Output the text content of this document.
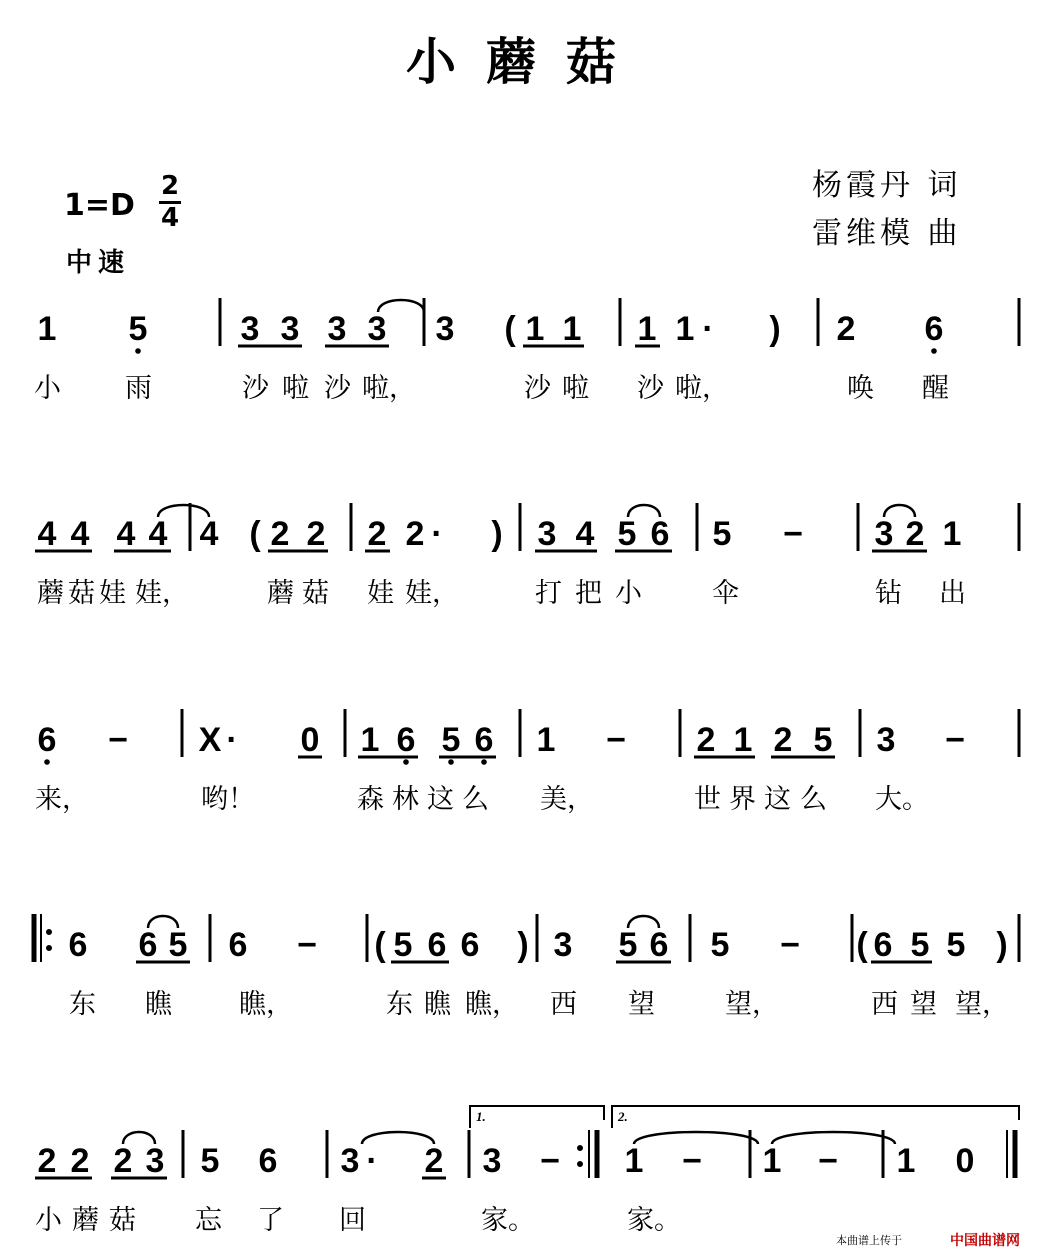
小蘑菇
杨霞丹 词
雷维模 曲
1=D
2
4
中速
1 5	3 3 3 3 3 ( 1 1 1 1 · ) 2 6
小 雨	沙 啦 沙 啦，	沙 啦 沙 啦，	唤 醒
4 4 4 4 4 ( 2 2 2 2 · ) 3 4 5 6 5 − 3 2 1
蘑 菇 娃 娃，	蘑 菇 娃 娃，	打 把 小	伞	钻 出
6 − X · 0 1 6 5 6 1 − 2 1 2 5 3 −
来，	哟！	森 林 这 么 美，	世 界 这 么 大。
6 6 5 6 − ( 5 6 6 ) 3 5 6 5 − ( 6 5 5 )
东 瞧 瞧，	东 瞧 瞧， 西 望	望，	西 望 望，
2 2 2 3 5 6 3 · 2 3 − 1 − 1 − 1 0
1.	2.
小 蘑 菇 忘 了 回	家。	家。
本曲谱上传于	中国曲谱网
